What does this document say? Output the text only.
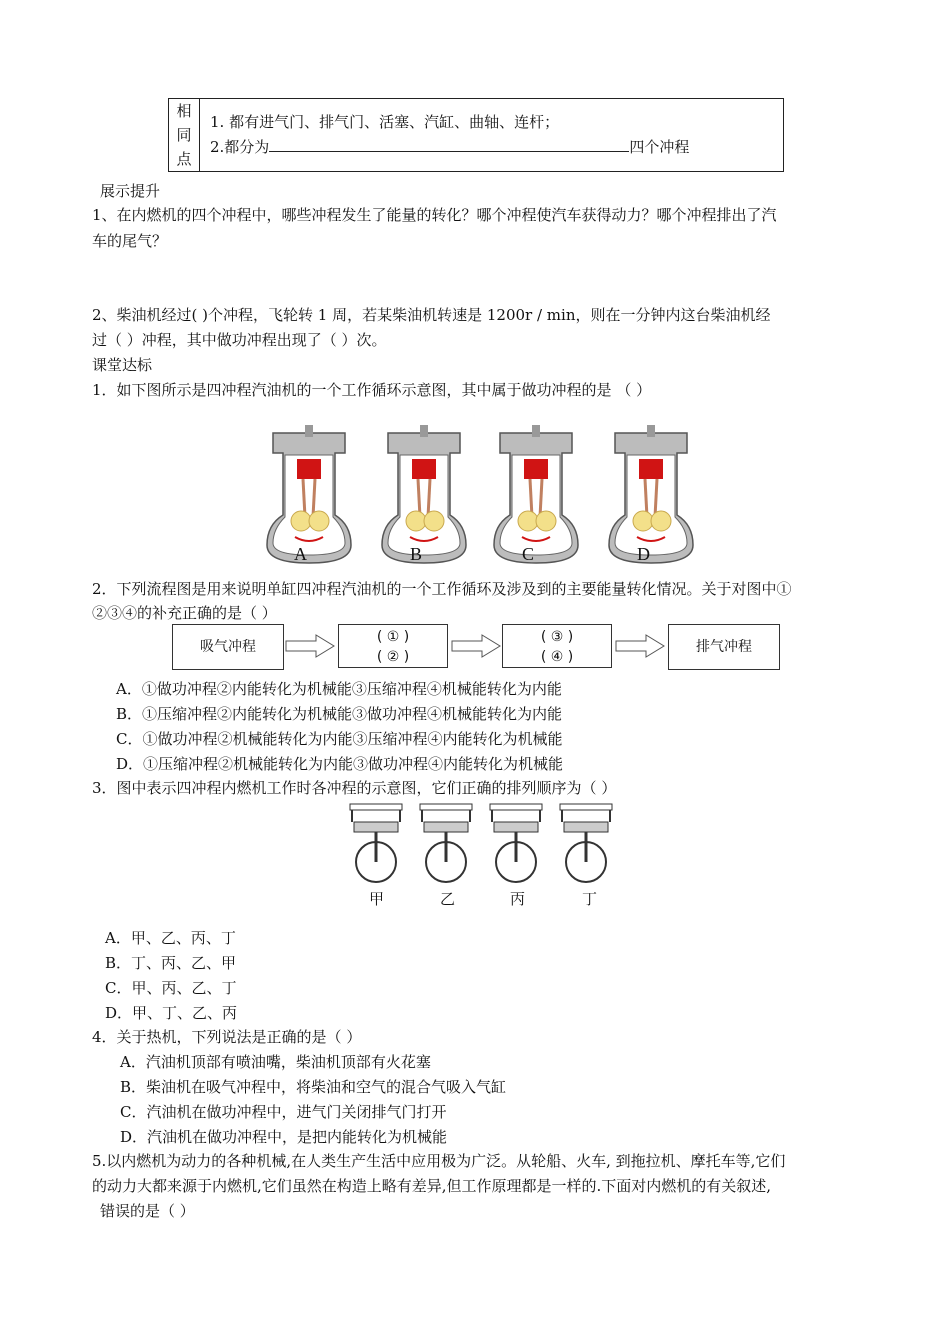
相
同
点

1. 都有进气门、排气门、活塞、汽缸、曲轴、连杆；
2.都分为	四个冲程
展示提升
1、在内燃机的四个冲程中，哪些冲程发生了能量的转化？哪个冲程使汽车获得动力？哪个冲程排出了汽
车的尾气？
2、柴油机经过( )个冲程，飞轮转 1 周，若某柴油机转速是 1200r / min，则在一分钟内这台柴油机经
过（ ）冲程，其中做功冲程出现了（ ）次。
课堂达标
1．如下图所示是四冲程汽油机的一个工作循环示意图，其中属于做功冲程的是 （ ）
A	B	C	D
2．下列流程图是用来说明单缸四冲程汽油机的一个工作循环及涉及到的主要能量转化情况。关于对图中①
②③④的补充正确的是（ ）
吸气冲程
( ① )
( ② )
( ③ )
( ④ )
排气冲程
A．①做功冲程②内能转化为机械能③压缩冲程④机械能转化为内能
B．①压缩冲程②内能转化为机械能③做功冲程④机械能转化为内能
C．①做功冲程②机械能转化为内能③压缩冲程④内能转化为机械能
D．①压缩冲程②机械能转化为内能③做功冲程④内能转化为机械能
3．图中表示四冲程内燃机工作时各冲程的示意图，它们正确的排列顺序为（ ）
甲	乙	丙	丁
A．甲、乙、丙、丁
B．丁、丙、乙、甲
C．甲、丙、乙、丁
D．甲、丁、乙、丙
4．关于热机，下列说法是正确的是（ ）
A．汽油机顶部有喷油嘴，柴油机顶部有火花塞
B．柴油机在吸气冲程中，将柴油和空气的混合气吸入气缸
C．汽油机在做功冲程中，进气门关闭排气门打开
D．汽油机在做功冲程中，是把内能转化为机械能
5.以内燃机为动力的各种机械,在人类生产生活中应用极为广泛。从轮船、火车, 到拖拉机、摩托车等,它们
的动力大都来源于内燃机,它们虽然在构造上略有差异,但工作原理都是一样的.下面对内燃机的有关叙述,
错误的是（ ）
